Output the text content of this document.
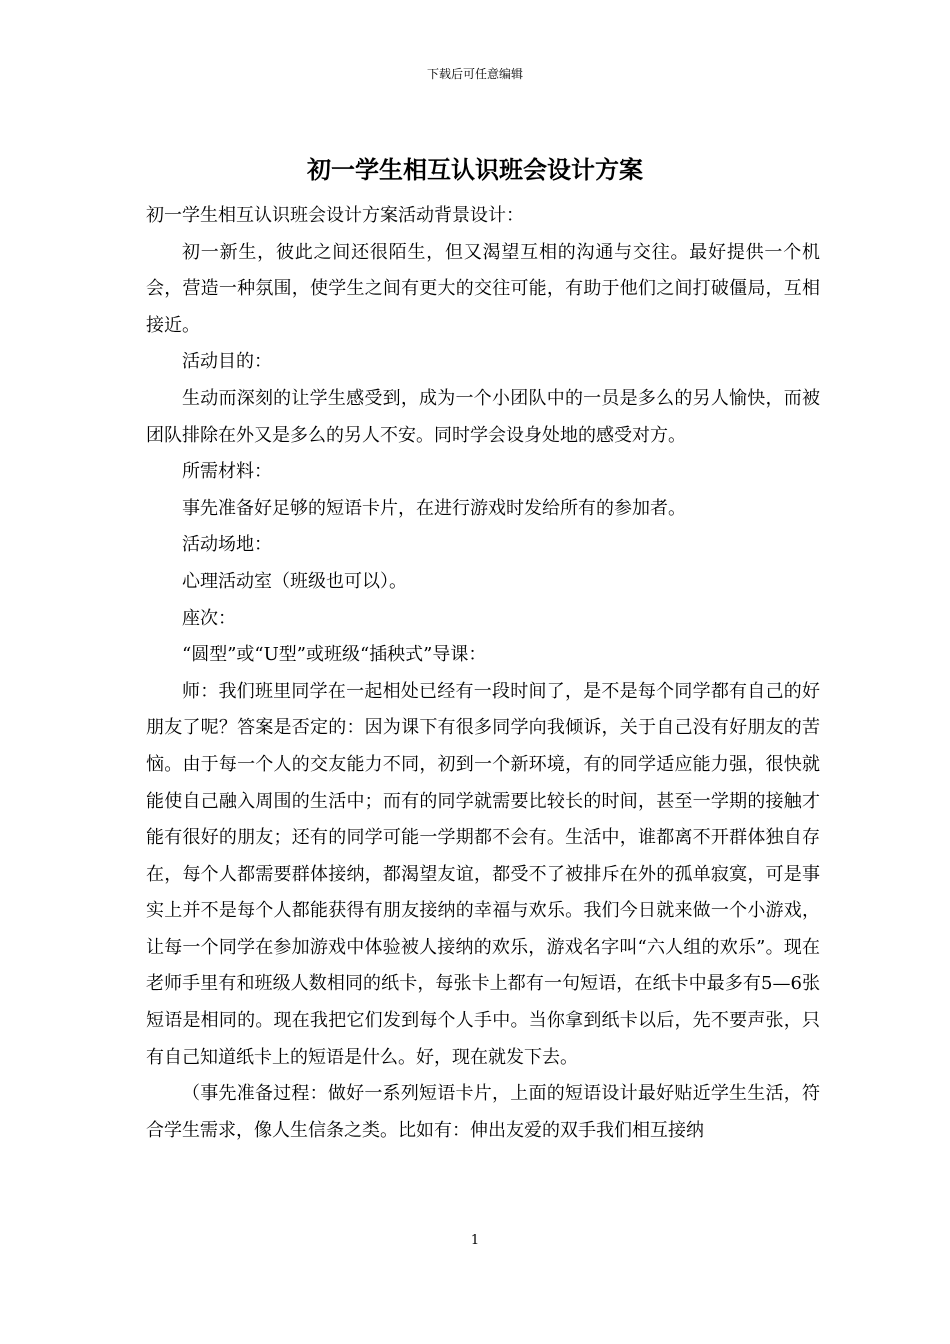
下载后可任意编辑
初一学生相互认识班会设计方案

初一学生相互认识班会设计方案活动背景设计：

初一新生，彼此之间还很陌生，但又渴望互相的沟通与交往。最好提供一个机会，营造一种氛围，使学生之间有更大的交往可能，有助于他们之间打破僵局，互相接近。

活动目的：

生动而深刻的让学生感受到，成为一个小团队中的一员是多么的另人愉快，而被团队排除在外又是多么的另人不安。同时学会设身处地的感受对方。

所需材料：

事先准备好足够的短语卡片，在进行游戏时发给所有的参加者。

活动场地：

心理活动室（班级也可以）。

座次：

“圆型”或“U型”或班级“插秧式”导课：

师：我们班里同学在一起相处已经有一段时间了，是不是每个同学都有自己的好朋友了呢？答案是否定的：因为课下有很多同学向我倾诉，关于自己没有好朋友的苦恼。由于每一个人的交友能力不同，初到一个新环境，有的同学适应能力强，很快就能使自己融入周围的生活中；而有的同学就需要比较长的时间，甚至一学期的接触才能有很好的朋友；还有的同学可能一学期都不会有。生活中，谁都离不开群体独自存在，每个人都需要群体接纳，都渴望友谊，都受不了被排斥在外的孤单寂寞，可是事实上并不是每个人都能获得有朋友接纳的幸福与欢乐。我们今日就来做一个小游戏，让每一个同学在参加游戏中体验被人接纳的欢乐，游戏名字叫“六人组的欢乐”。现在老师手里有和班级人数相同的纸卡，每张卡上都有一句短语，在纸卡中最多有5—6张短语是相同的。现在我把它们发到每个人手中。当你拿到纸卡以后，先不要声张，只有自己知道纸卡上的短语是什么。好，现在就发下去。

（事先准备过程：做好一系列短语卡片，上面的短语设计最好贴近学生生活，符合学生需求，像人生信条之类。比如有：伸出友爱的双手我们相互接纳

1
